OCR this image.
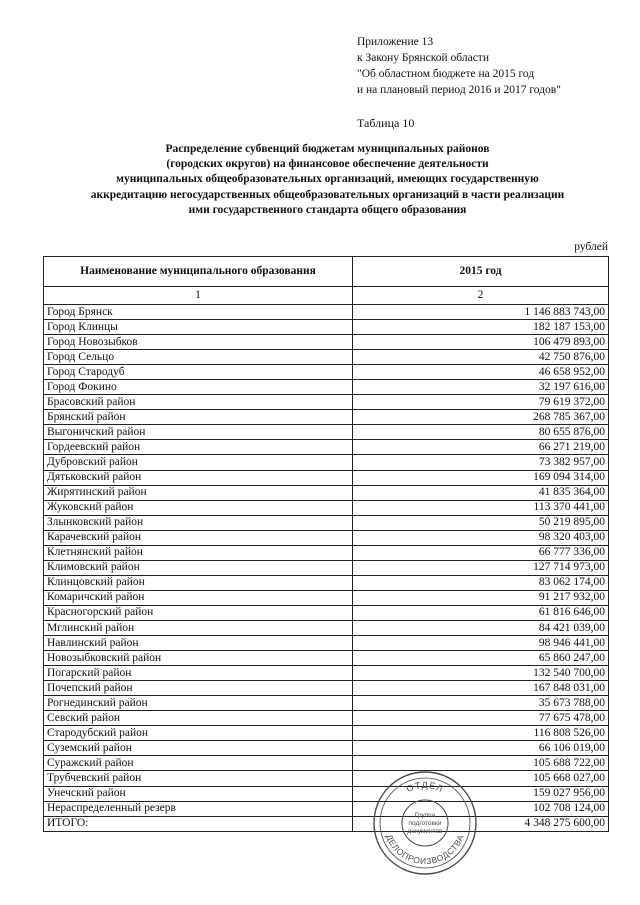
Приложение 13
к Закону Брянской области
"Об областном бюджете на 2015 год
и на плановый период 2016 и 2017 годов"
Таблица 10
Распределение субвенций бюджетам муниципальных районов
(городских округов) на финансовое обеспечение деятельности
муниципальных общеобразовательных организаций, имеющих государственную
аккредитацию негосударственных общеобразовательных организаций в части реализации
ими государственного стандарта общего образования
рублей
Наименование муниципального образования	2015 год
1	2
Город Брянск	1 146 883 743,00
Город Клинцы	182 187 153,00
Город Новозыбков	106 479 893,00
Город Сельцо	42 750 876,00
Город Стародуб	46 658 952,00
Город Фокино	32 197 616,00
Брасовский район	79 619 372,00
Брянский район	268 785 367,00
Выгоничский район	80 655 876,00
Гордеевский район	66 271 219,00
Дубровский район	73 382 957,00
Дятьковский район	169 094 314,00
Жирятинский район	41 835 364,00
Жуковский район	113 370 441,00
Злынковский район	50 219 895,00
Карачевский район	98 320 403,00
Клетнянский район	66 777 336,00
Климовский район	127 714 973,00
Клинцовский район	83 062 174,00
Комаричский район	91 217 932,00
Красногорский район	61 816 646,00
Мглинский район	84 421 039,00
Навлинский район	98 946 441,00
Новозыбковский район	65 860 247,00
Погарский район	132 540 700,00
Почепский район	167 848 031,00
Рогнединский район	35 673 788,00
Севский район	77 675 478,00
Стародубский район	116 808 526,00
Суземский район	66 106 019,00
Суражский район	105 688 722,00
Трубчевский район	105 668 027,00
Унечский район	159 027 956,00
Нераспределенный резерв	102 708 124,00
ИТОГО:	4 348 275 600,00
ОТДЕЛ
ДЕЛОПРОИЗВОДСТВА
Группа
подготовки
документов
